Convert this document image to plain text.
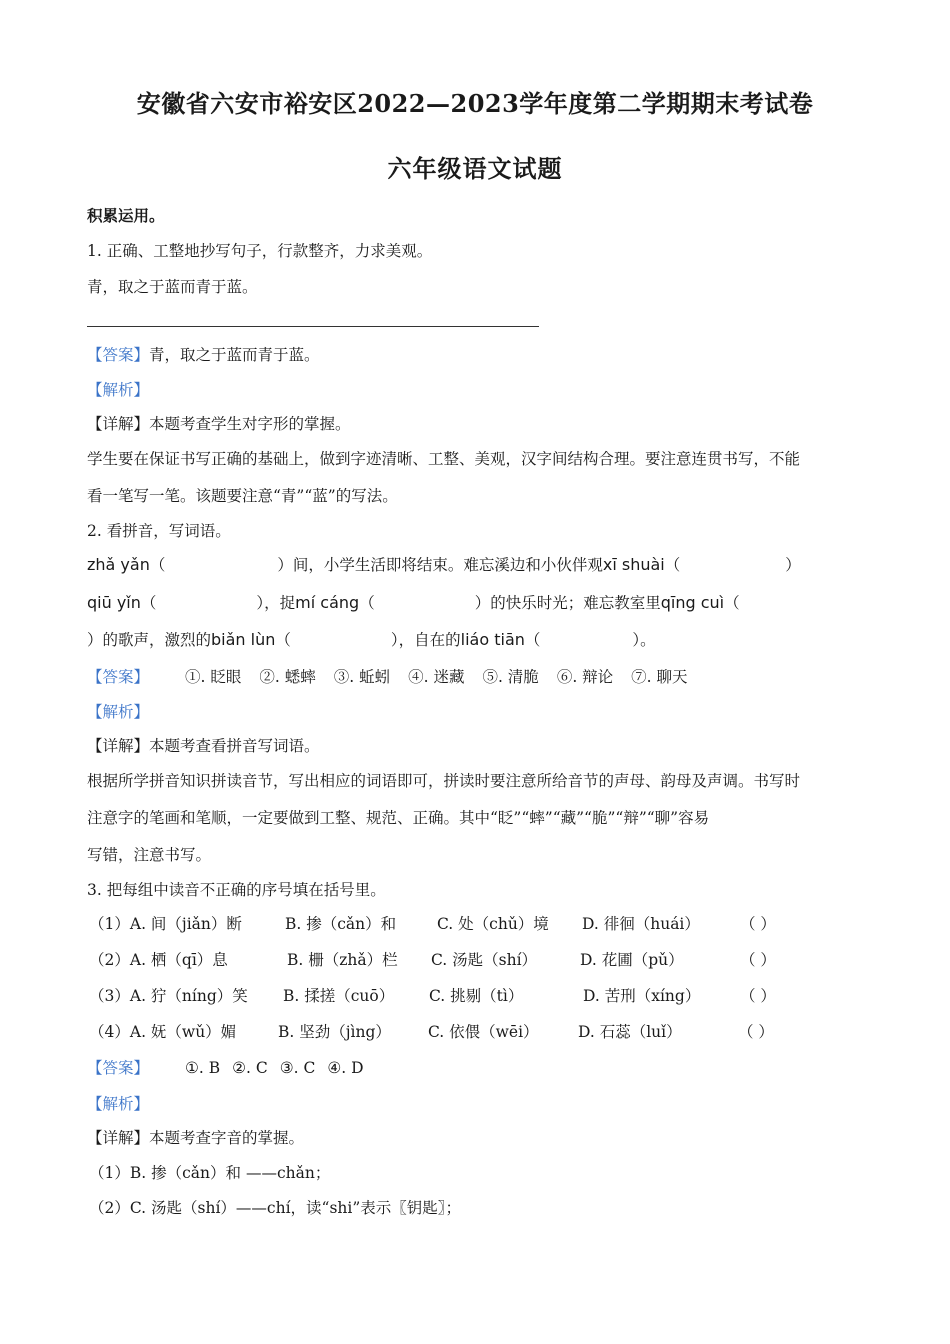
安徽省六安市裕安区2022—2023学年度第二学期期末考试卷
六年级语文试题
积累运用。
1. 正确、工整地抄写句子，行款整齐，力求美观。
青，取之于蓝而青于蓝。
【答案】青，取之于蓝而青于蓝。
【解析】
【详解】本题考查学生对字形的掌握。
学生要在保证书写正确的基础上，做到字迹清晰、工整、美观，汉字间结构合理。要注意连贯书写，不能
看一笔写一笔。该题要注意“青”“蓝”的写法。
2. 看拼音，写词语。
zhǎ yǎn（	）间，小学生活即将结束。难忘溪边和小伙伴观xī shuài（	）
qiū yǐn（	），捉mí cáng（	）的快乐时光；难忘教室里qīng cuì（
）的歌声，激烈的biǎn lùn（	），自在的liáo tiān（	）。
【答案】 ①. 眨眼 ②. 蟋蟀 ③. 蚯蚓 ④. 迷藏 ⑤. 清脆 ⑥. 辩论 ⑦. 聊天
【解析】
【详解】本题考查看拼音写词语。
根据所学拼音知识拼读音节，写出相应的词语即可，拼读时要注意所给音节的声母、韵母及声调。书写时
注意字的笔画和笔顺，一定要做到工整、规范、正确。其中“眨”“蟀”“藏”“脆”“辩”“聊”容易
写错，注意书写。
3. 把每组中读音不正确的序号填在括号里。
（1）A. 间（jiǎn）断	B. 掺（cǎn）和	C. 处（chǔ）境 D. 徘徊（huái）	（ ）
（2）A. 栖（qī）息	B. 栅（zhǎ）栏 C. 汤匙（shí）	D. 花圃（pǔ）	（ ）
（3）A. 狞（níng）笑 B. 揉搓（cuō） C. 挑剔（tì）	D. 苦刑（xíng）	（ ）
（4）A. 妩（wǔ）媚	B. 坚劲（jìng） C. 依偎（wēi）	D. 石蕊（luǐ）	（ ）
【答案】 ①. B ②. C ③. C ④. D
【解析】
【详解】本题考查字音的掌握。
（1）B. 掺（cǎn）和 ——chǎn；
（2）C. 汤匙（shí）——chí，读“shi”表示〖钥匙〗；
